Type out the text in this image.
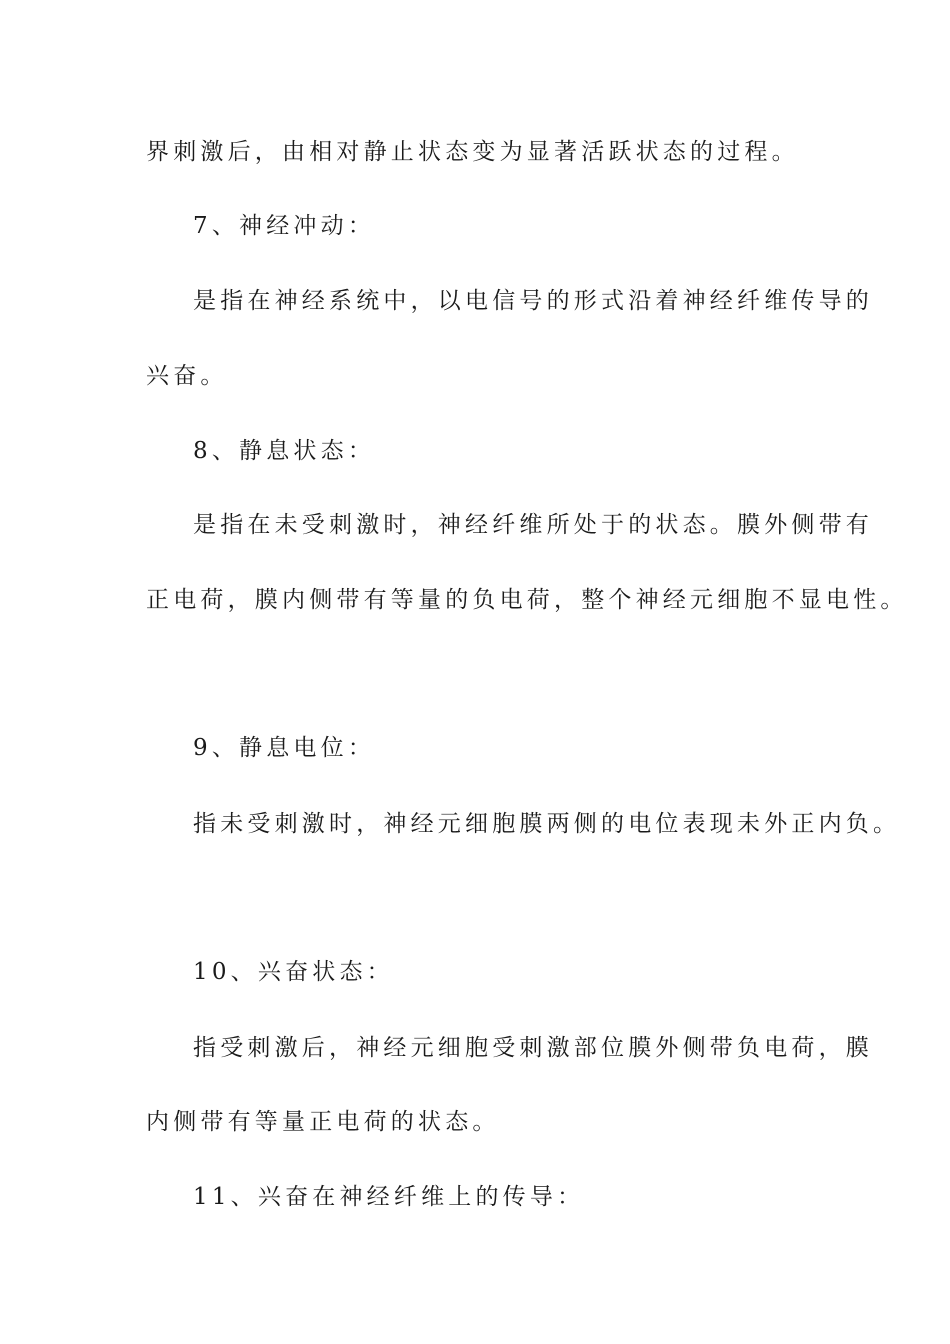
界刺激后，由相对静止状态变为显著活跃状态的过程。
7、神经冲动：
是指在神经系统中，以电信号的形式沿着神经纤维传导的
兴奋。
8、静息状态：
是指在未受刺激时，神经纤维所处于的状态。膜外侧带有
正电荷，膜内侧带有等量的负电荷，整个神经元细胞不显电性。
9、静息电位：
指未受刺激时，神经元细胞膜两侧的电位表现未外正内负。
10、兴奋状态：
指受刺激后，神经元细胞受刺激部位膜外侧带负电荷，膜
内侧带有等量正电荷的状态。
11、兴奋在神经纤维上的传导：
